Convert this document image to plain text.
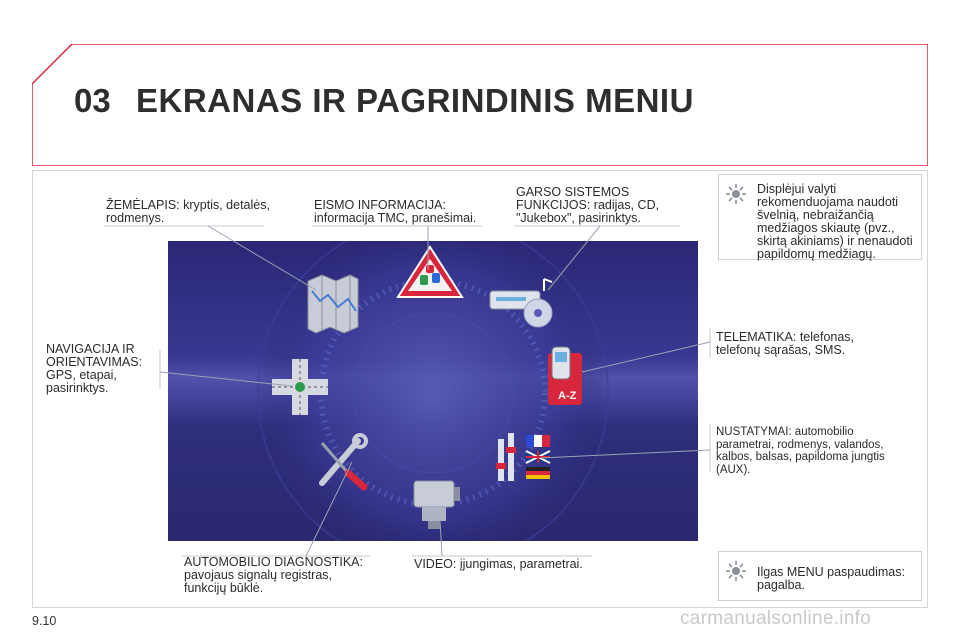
03 EKRANAS IR PAGRINDINIS MENIU
ŽEMĖLAPIS: kryptis, detalės,
rodmenys.
EISMO INFORMACIJA:
informacija TMC, pranešimai.
GARSO SISTEMOS
FUNKCIJOS: radijas, CD,
"Jukebox", pasirinktys.
NAVIGACIJA IR
ORIENTAVIMAS:
GPS, etapai,
pasirinktys.
TELEMATIKA: telefonas,
telefonų sąrašas, SMS.
NUSTATYMAI: automobilio
parametrai, rodmenys, valandos,
kalbos, balsas, papildoma jungtis
(AUX).
AUTOMOBILIO DIAGNOSTIKA:
pavojaus signalų registras,
funkcijų būklė.
VIDEO: įjungimas, parametrai.
A-Z
Displėjui valyti
rekomenduojama naudoti
švelnią, nebraižančią
medžiagos skiautę (pvz.,
skirtą akiniams) ir nenaudoti
papildomų medžiagų.
Ilgas MENU paspaudimas:
pagalba.
9.10	carmanualsonline.info
